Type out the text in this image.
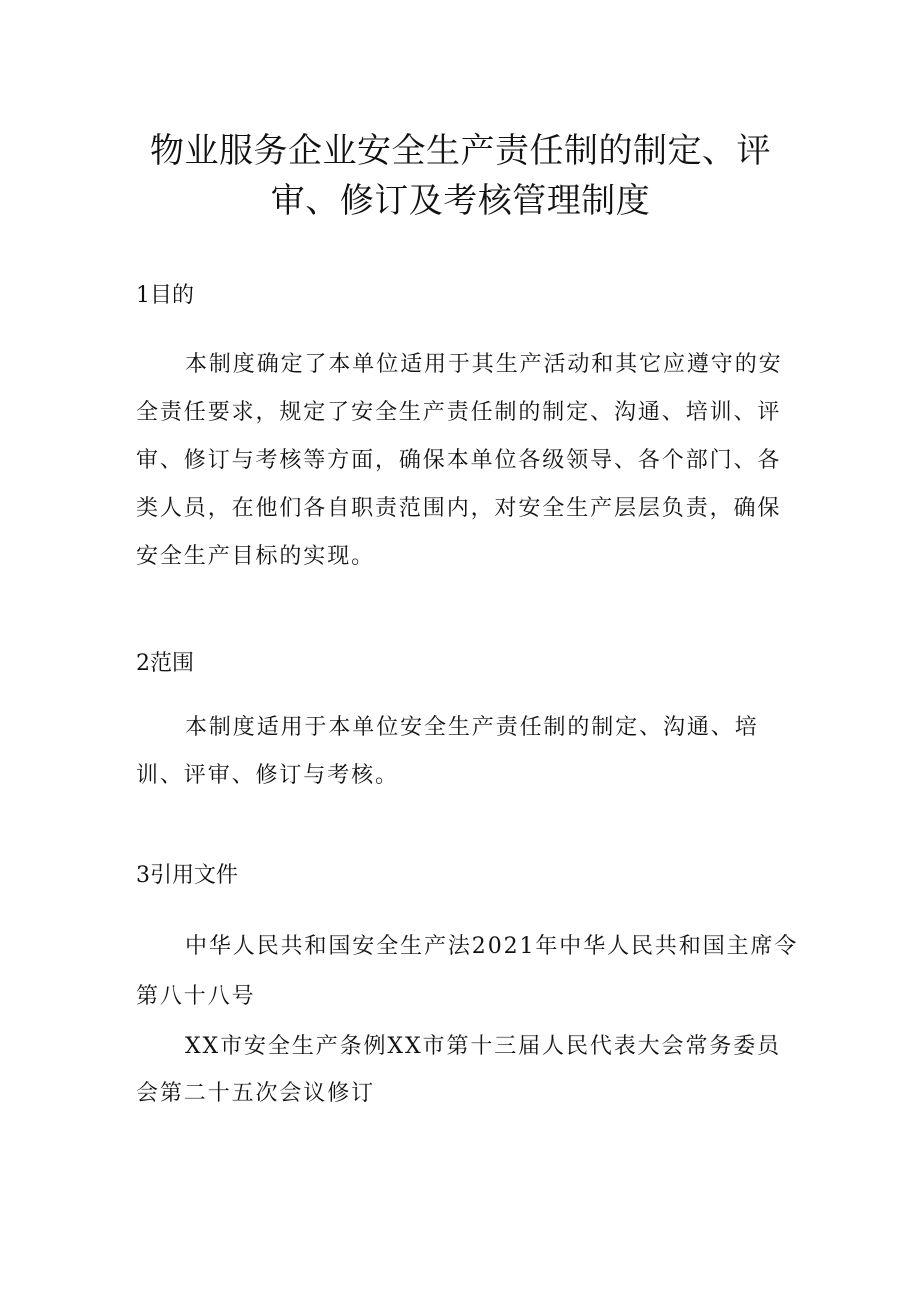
物业服务企业安全生产责任制的制定、评
审、修订及考核管理制度
1目的
本制度确定了本单位适用于其生产活动和其它应遵守的安
全责任要求，规定了安全生产责任制的制定、沟通、培训、评
审、修订与考核等方面，确保本单位各级领导、各个部门、各
类人员，在他们各自职责范围内，对安全生产层层负责，确保
安全生产目标的实现。
2范围
本制度适用于本单位安全生产责任制的制定、沟通、培
训、评审、修订与考核。
3引用文件
中华人民共和国安全生产法2021年中华人民共和国主席令
第八十八号
XX市安全生产条例XX市第十三届人民代表大会常务委员
会第二十五次会议修订
